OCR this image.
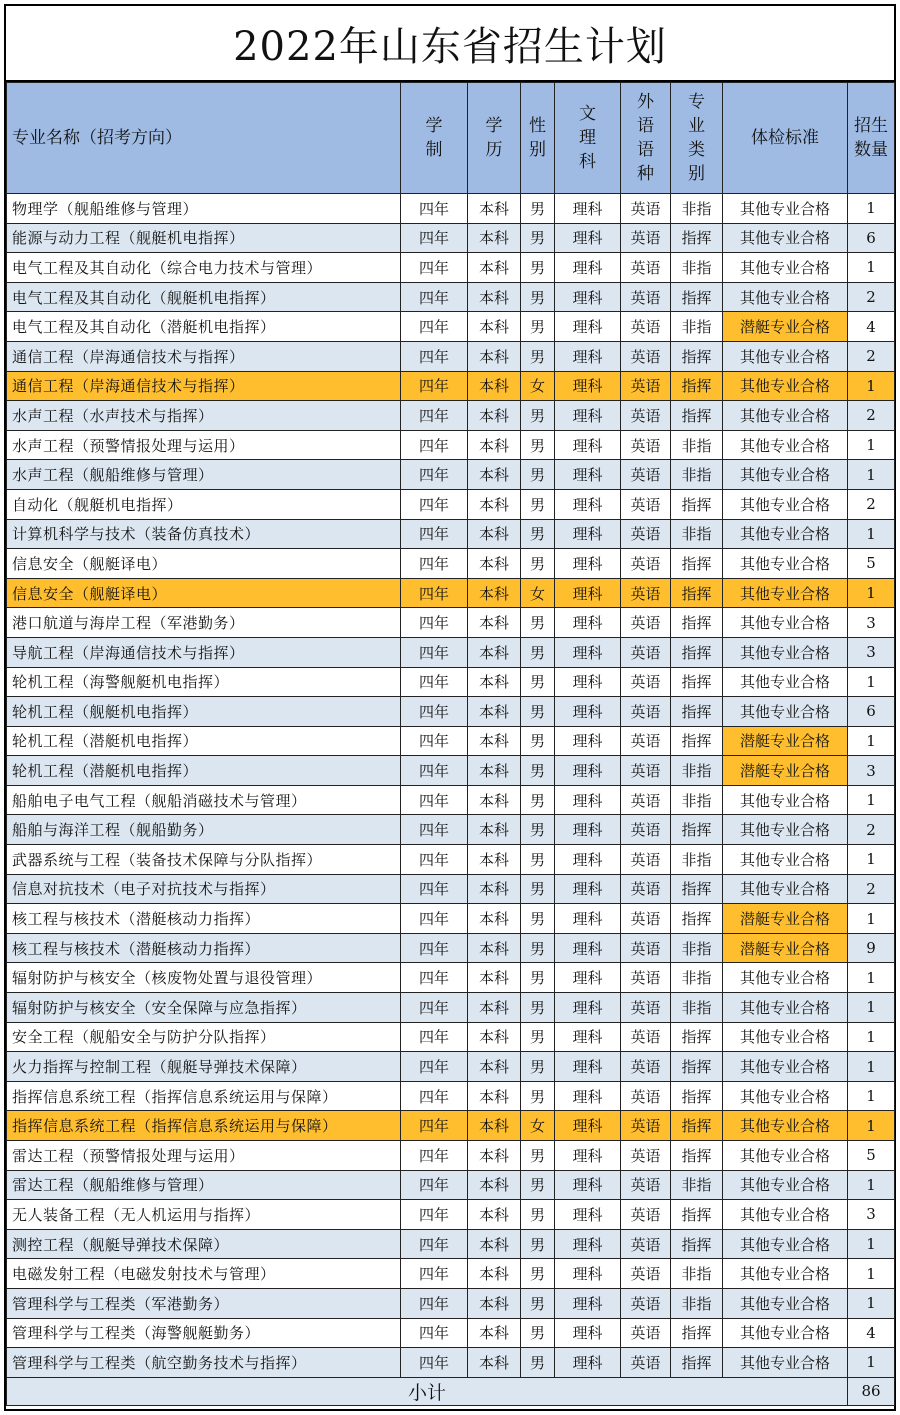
2022年山东省招生计划
专业名称（招考方向）	学制	学历	性别	文理科	外语语种	专业类别	体检标准	招生数量
物理学（舰船维修与管理）	四年	本科	男	理科	英语	非指	其他专业合格	1
能源与动力工程（舰艇机电指挥）	四年	本科	男	理科	英语	指挥	其他专业合格	6
电气工程及其自动化（综合电力技术与管理）	四年	本科	男	理科	英语	非指	其他专业合格	1
电气工程及其自动化（舰艇机电指挥）	四年	本科	男	理科	英语	指挥	其他专业合格	2
电气工程及其自动化（潜艇机电指挥）	四年	本科	男	理科	英语	非指	潜艇专业合格	4
通信工程（岸海通信技术与指挥）	四年	本科	男	理科	英语	指挥	其他专业合格	2
通信工程（岸海通信技术与指挥）	四年	本科	女	理科	英语	指挥	其他专业合格	1
水声工程（水声技术与指挥）	四年	本科	男	理科	英语	指挥	其他专业合格	2
水声工程（预警情报处理与运用）	四年	本科	男	理科	英语	非指	其他专业合格	1
水声工程（舰船维修与管理）	四年	本科	男	理科	英语	非指	其他专业合格	1
自动化（舰艇机电指挥）	四年	本科	男	理科	英语	指挥	其他专业合格	2
计算机科学与技术（装备仿真技术）	四年	本科	男	理科	英语	非指	其他专业合格	1
信息安全（舰艇译电）	四年	本科	男	理科	英语	指挥	其他专业合格	5
信息安全（舰艇译电）	四年	本科	女	理科	英语	指挥	其他专业合格	1
港口航道与海岸工程（军港勤务）	四年	本科	男	理科	英语	指挥	其他专业合格	3
导航工程（岸海通信技术与指挥）	四年	本科	男	理科	英语	指挥	其他专业合格	3
轮机工程（海警舰艇机电指挥）	四年	本科	男	理科	英语	指挥	其他专业合格	1
轮机工程（舰艇机电指挥）	四年	本科	男	理科	英语	指挥	其他专业合格	6
轮机工程（潜艇机电指挥）	四年	本科	男	理科	英语	指挥	潜艇专业合格	1
轮机工程（潜艇机电指挥）	四年	本科	男	理科	英语	非指	潜艇专业合格	3
船舶电子电气工程（舰船消磁技术与管理）	四年	本科	男	理科	英语	非指	其他专业合格	1
船舶与海洋工程（舰船勤务）	四年	本科	男	理科	英语	指挥	其他专业合格	2
武器系统与工程（装备技术保障与分队指挥）	四年	本科	男	理科	英语	非指	其他专业合格	1
信息对抗技术（电子对抗技术与指挥）	四年	本科	男	理科	英语	指挥	其他专业合格	2
核工程与核技术（潜艇核动力指挥）	四年	本科	男	理科	英语	指挥	潜艇专业合格	1
核工程与核技术（潜艇核动力指挥）	四年	本科	男	理科	英语	非指	潜艇专业合格	9
辐射防护与核安全（核废物处置与退役管理）	四年	本科	男	理科	英语	非指	其他专业合格	1
辐射防护与核安全（安全保障与应急指挥）	四年	本科	男	理科	英语	非指	其他专业合格	1
安全工程（舰船安全与防护分队指挥）	四年	本科	男	理科	英语	指挥	其他专业合格	1
火力指挥与控制工程（舰艇导弹技术保障）	四年	本科	男	理科	英语	指挥	其他专业合格	1
指挥信息系统工程（指挥信息系统运用与保障）	四年	本科	男	理科	英语	指挥	其他专业合格	1
指挥信息系统工程（指挥信息系统运用与保障）	四年	本科	女	理科	英语	指挥	其他专业合格	1
雷达工程（预警情报处理与运用）	四年	本科	男	理科	英语	指挥	其他专业合格	5
雷达工程（舰船维修与管理）	四年	本科	男	理科	英语	非指	其他专业合格	1
无人装备工程（无人机运用与指挥）	四年	本科	男	理科	英语	指挥	其他专业合格	3
测控工程（舰艇导弹技术保障）	四年	本科	男	理科	英语	指挥	其他专业合格	1
电磁发射工程（电磁发射技术与管理）	四年	本科	男	理科	英语	非指	其他专业合格	1
管理科学与工程类（军港勤务）	四年	本科	男	理科	英语	非指	其他专业合格	1
管理科学与工程类（海警舰艇勤务）	四年	本科	男	理科	英语	指挥	其他专业合格	4
管理科学与工程类（航空勤务技术与指挥）	四年	本科	男	理科	英语	指挥	其他专业合格	1
小计								86
